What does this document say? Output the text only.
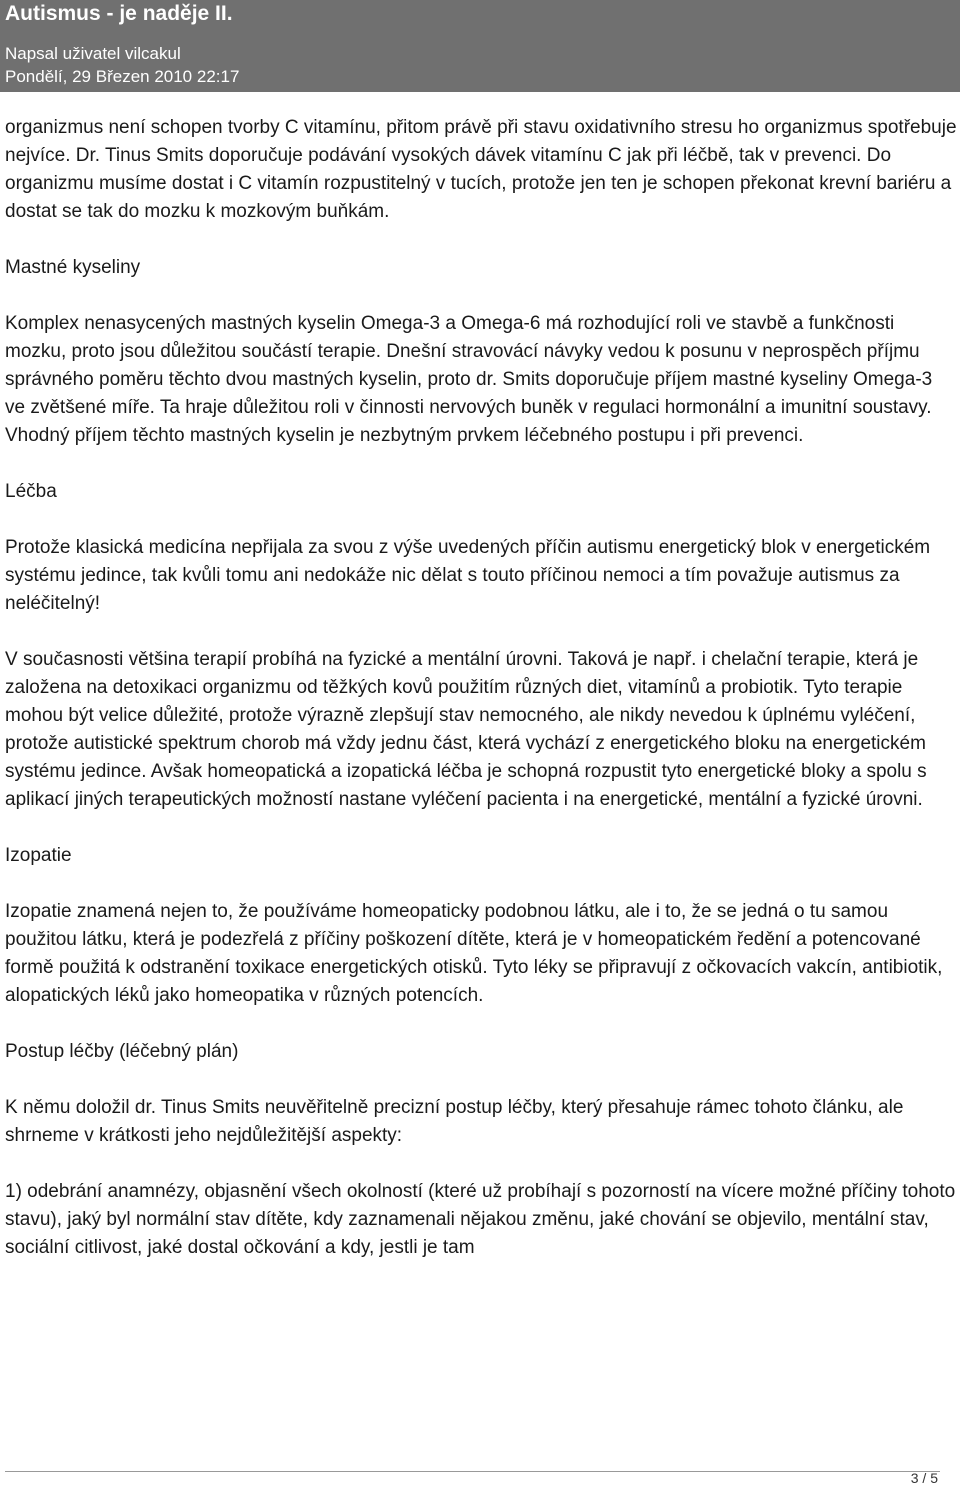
Autismus - je naděje II.
Napsal uživatel vilcakul
Pondělí, 29 Březen 2010 22:17

organizmus není schopen tvorby C vitamínu, přitom právě při stavu oxidativního stresu ho organizmus spotřebuje nejvíce. Dr. Tinus Smits doporučuje podávání vysokých dávek vitamínu C jak při léčbě, tak v prevenci. Do organizmu musíme dostat i C vitamín rozpustitelný v tucích, protože jen ten je schopen překonat krevní bariéru a dostat se tak do mozku k mozkovým buňkám.

Mastné kyseliny

Komplex nenasycených mastných kyselin Omega-3 a Omega-6 má rozhodující roli ve stavbě a funkčnosti mozku, proto jsou důležitou součástí terapie. Dnešní stravovácí návyky vedou k posunu v neprospěch příjmu správného poměru těchto dvou mastných kyselin, proto dr. Smits doporučuje příjem mastné kyseliny Omega-3 ve zvětšené míře. Ta hraje důležitou roli v činnosti nervových buněk v regulaci hormonální a imunitní soustavy. Vhodný příjem těchto mastných kyselin je nezbytným prvkem léčebného postupu i při prevenci.

Léčba

Protože klasická medicína nepřijala za svou z výše uvedených příčin autismu energetický blok v energetickém systému jedince, tak kvůli tomu ani nedokáže nic dělat s touto příčinou nemoci a tím považuje autismus za neléčitelný!

V současnosti většina terapií probíhá na fyzické a mentální úrovni. Taková je např. i chelační terapie, která je založena na detoxikaci organizmu od těžkých kovů použitím různých diet, vitamínů a probiotik. Tyto terapie mohou být velice důležité, protože výrazně zlepšují stav nemocného, ale nikdy nevedou k úplnému vyléčení, protože autistické spektrum chorob má vždy jednu část, která vychází z energetického bloku na energetickém systému jedince. Avšak homeopatická a izopatická léčba je schopná rozpustit tyto energetické bloky a spolu s aplikací jiných terapeutických možností nastane vyléčení pacienta i na energetické, mentální a fyzické úrovni.

Izopatie

Izopatie znamená nejen to, že používáme homeopaticky podobnou látku, ale i to, že se jedná o tu samou použitou látku, která je podezřelá z příčiny poškození dítěte, která je v homeopatickém ředění a potencované formě použitá k odstranění toxikace energetických otisků. Tyto léky se připravují z očkovacích vakcín, antibiotik, alopatických léků jako homeopatika v různých potencích.

Postup léčby (léčebný plán)

K němu doložil dr. Tinus Smits neuvěřitelně precizní postup léčby, který přesahuje rámec tohoto článku, ale shrneme v krátkosti jeho nejdůležitější aspekty:

1) odebrání anamnézy, objasnění všech okolností (které už probíhají s pozorností na vícere možné příčiny tohoto stavu), jaký byl normální stav dítěte, kdy zaznamenali nějakou změnu, jaké chování se objevilo, mentální stav, sociální citlivost, jaké dostal očkování a kdy, jestli je tam

3 / 5
